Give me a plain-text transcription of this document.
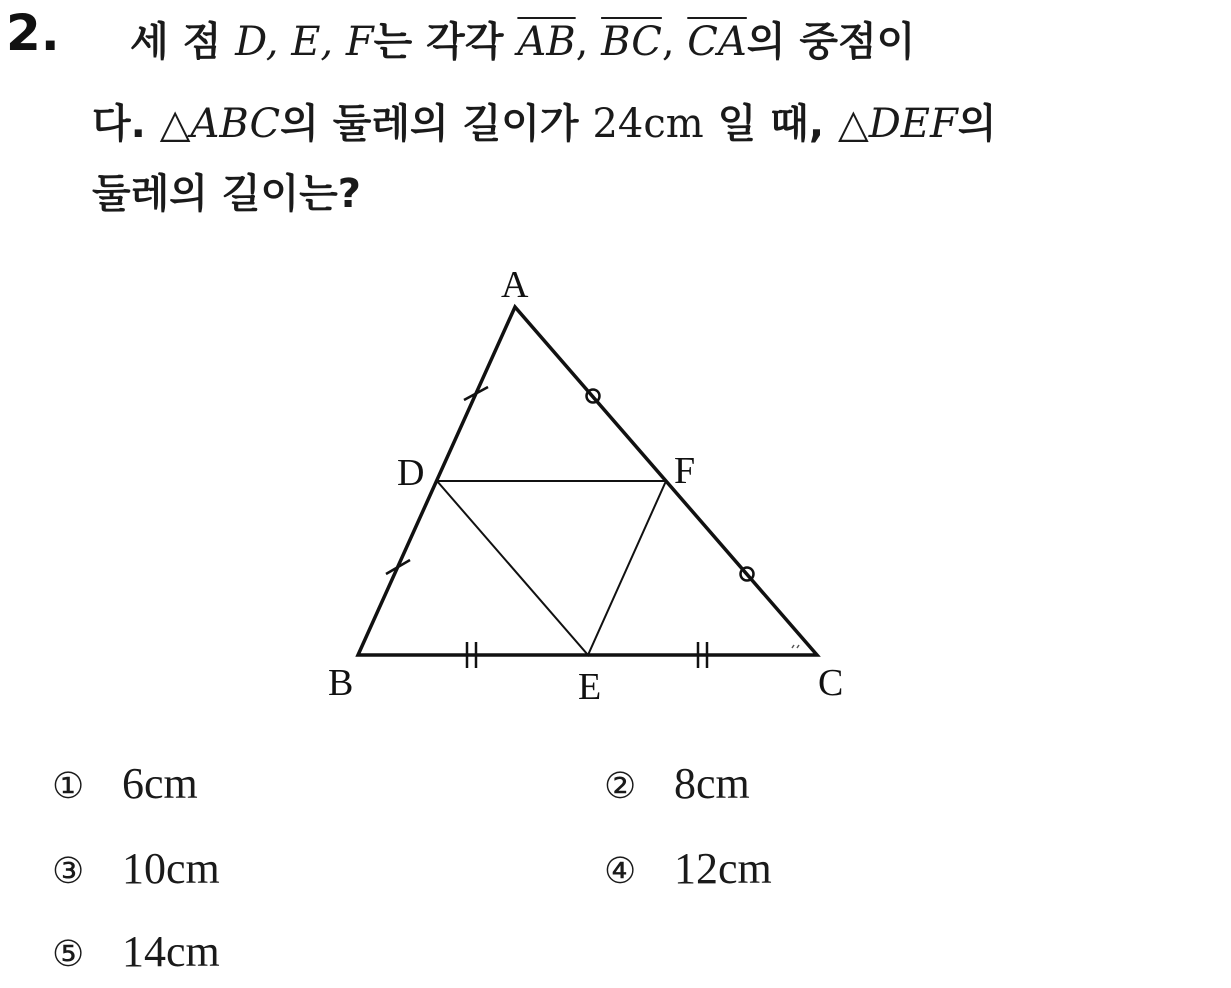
2. 세 점 D, E, F는 각각 $\overline{AB}$, $\overline{BC}$, $\overline{CA}$의 중점이
다. △ABC의 둘레의 길이가 24cm 일 때, △DEF의
둘레의 길이는?
A
B	C
D
E
F
① 6cm	② 8cm
③ 10cm	④ 12cm
⑤ 14cm
